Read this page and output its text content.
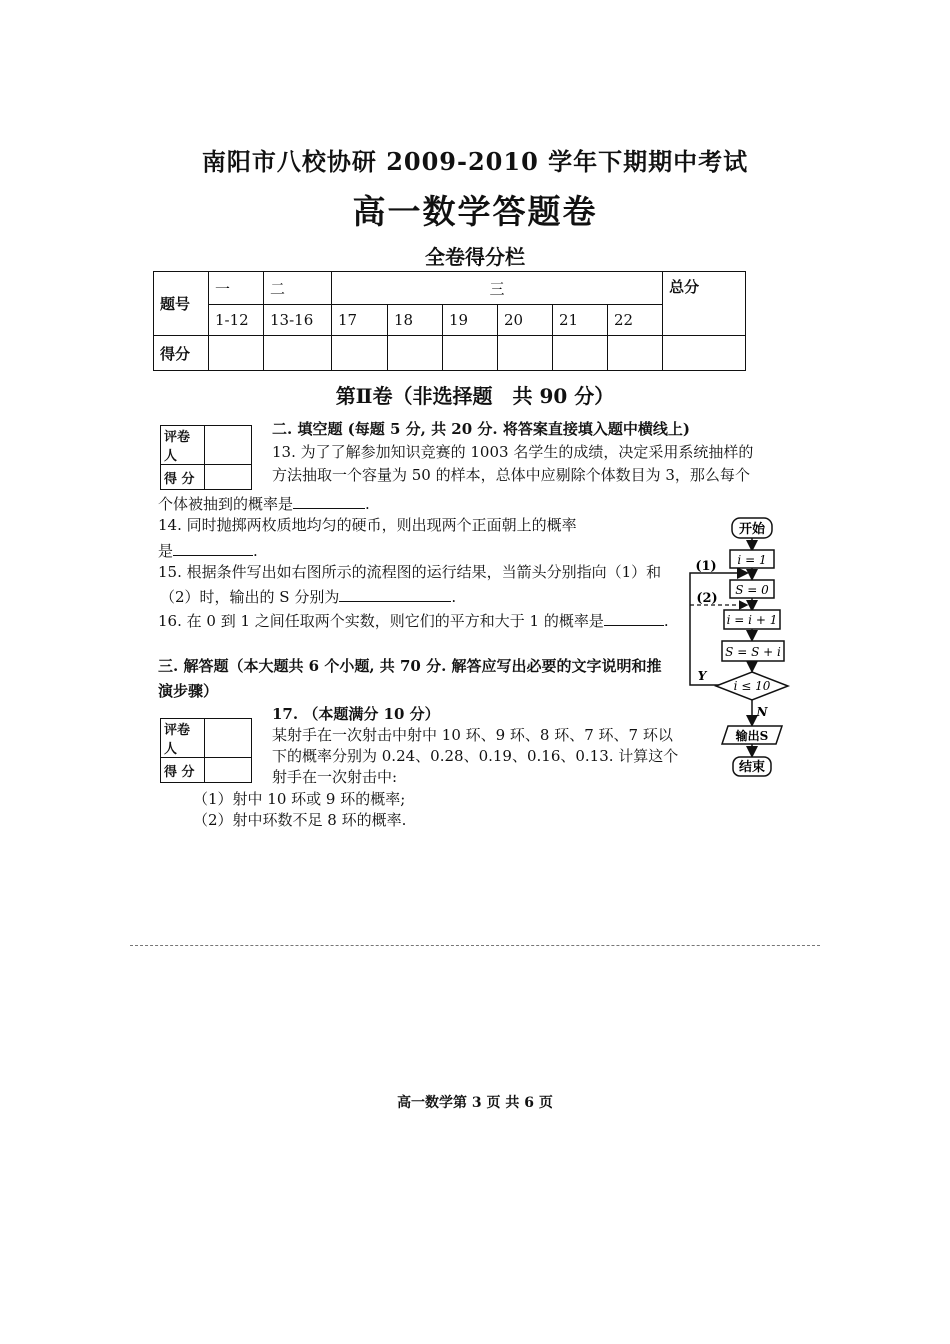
南阳市八校协研 2009-2010 学年下期期中考试
高一数学答题卷
全卷得分栏
题号	一	二	三						总分
	1-12	13-16	17	18	19	20	21	22	
得分									
第Ⅱ卷（非选择题　共 90 分）
评卷人	
得 分	
二. 填空题 (每题 5 分, 共 20 分. 将答案直接填入题中横线上)
13. 为了了解参加知识竞赛的 1003 名学生的成绩，决定采用系统抽样的
方法抽取一个容量为 50 的样本，总体中应剔除个体数目为 3，那么每个
个体被抽到的概率是	.
14. 同时抛掷两枚质地均匀的硬币，则出现两个正面朝上的概率
是	.
15. 根据条件写出如右图所示的流程图的运行结果，当箭头分别指向（1）和
（2）时，输出的 S 分别为	.
16. 在 0 到 1 之间任取两个实数，则它们的平方和大于 1 的概率是	.
三. 解答题（本大题共 6 个小题, 共 70 分. 解答应写出必要的文字说明和推
演步骤）
评卷人	
得 分	
17. （本题满分 10 分）
某射手在一次射击中射中 10 环、9 环、8 环、7 环、7 环以
下的概率分别为 0.24、0.28、0.19、0.16、0.13. 计算这个
射手在一次射击中:
（1）射中 10 环或 9 环的概率;
（2）射中环数不足 8 环的概率.
开始
i = 1
S = 0
i = i + 1
S = S + i
i ≤ 10
Y
N
输出S
结束
(1)
(2)
高一数学第 3 页 共 6 页
